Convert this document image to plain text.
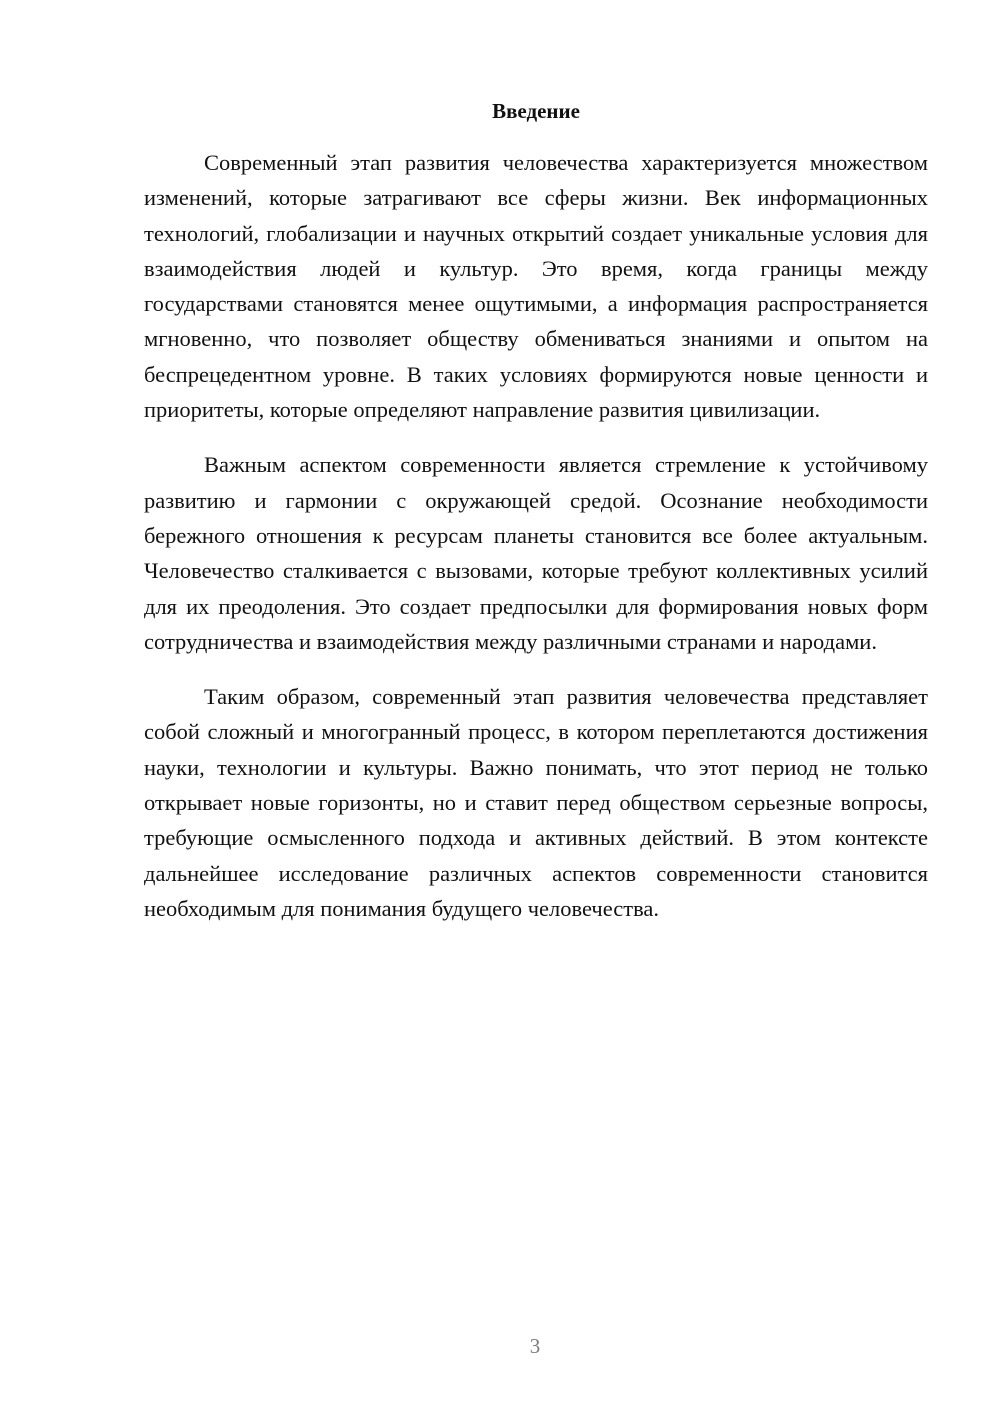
Введение

Современный этап развития человечества характеризуется множеством изменений, которые затрагивают все сферы жизни. Век информационных технологий, глобализации и научных открытий создает уникальные условия для взаимодействия людей и культур. Это время, когда границы между государствами становятся менее ощутимыми, а информация распространяется мгновенно, что позволяет обществу обмениваться знаниями и опытом на беспрецедентном уровне. В таких условиях формируются новые ценности и приоритеты, которые определяют направление развития цивилизации.

Важным аспектом современности является стремление к устойчивому развитию и гармонии с окружающей средой. Осознание необходимости бережного отношения к ресурсам планеты становится все более актуальным. Человечество сталкивается с вызовами, которые требуют коллективных усилий для их преодоления. Это создает предпосылки для формирования новых форм сотрудничества и взаимодействия между различными странами и народами.

Таким образом, современный этап развития человечества представляет собой сложный и многогранный процесс, в котором переплетаются достижения науки, технологии и культуры. Важно понимать, что этот период не только открывает новые горизонты, но и ставит перед обществом серьезные вопросы, требующие осмысленного подхода и активных действий. В этом контексте дальнейшее исследование различных аспектов современности становится необходимым для понимания будущего человечества.

3
